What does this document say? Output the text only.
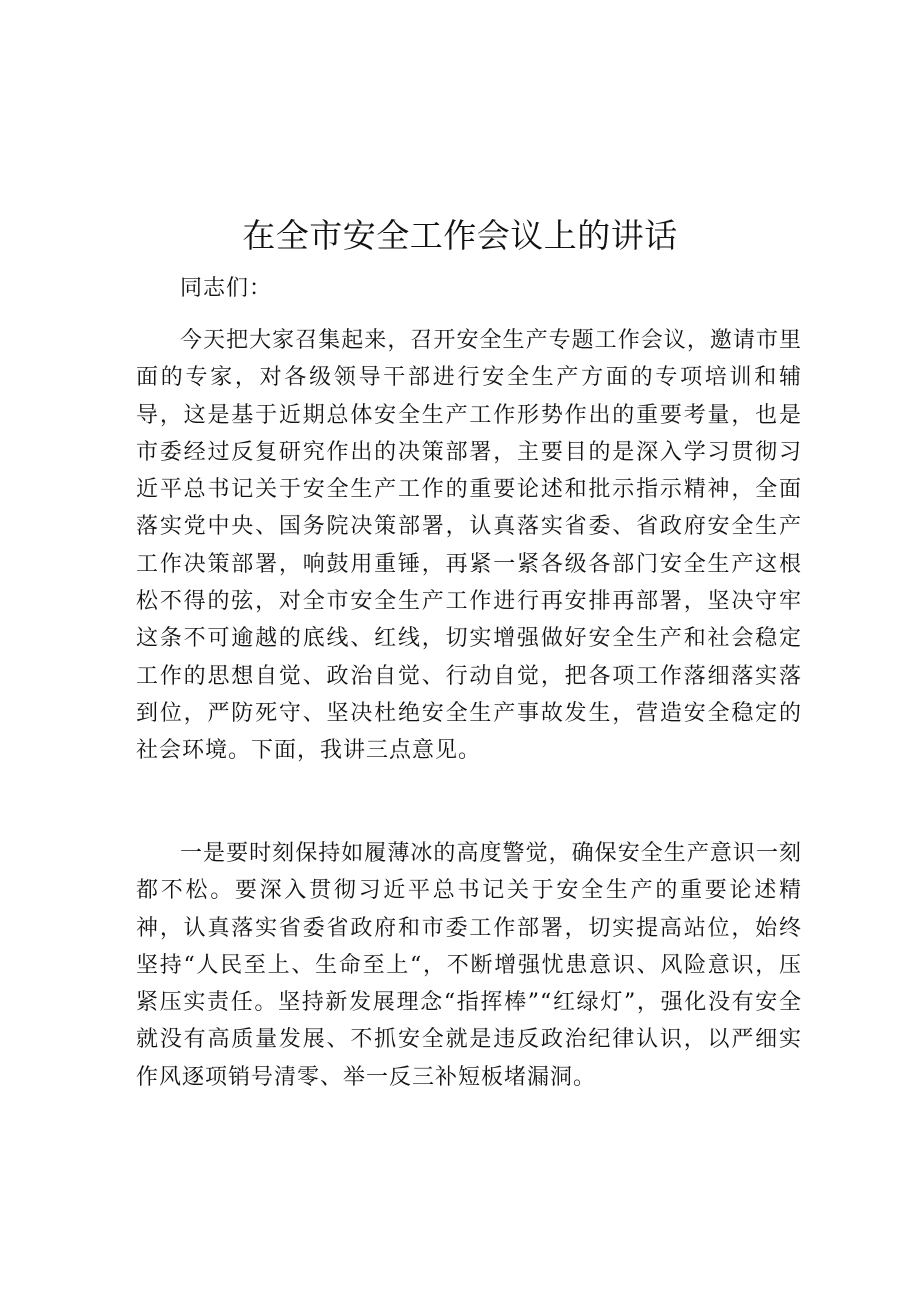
在全市安全工作会议上的讲话

同志们：

今天把大家召集起来，召开安全生产专题工作会议，邀请市里面的专家，对各级领导干部进行安全生产方面的专项培训和辅导，这是基于近期总体安全生产工作形势作出的重要考量，也是市委经过反复研究作出的决策部署，主要目的是深入学习贯彻习近平总书记关于安全生产工作的重要论述和批示指示精神，全面落实党中央、国务院决策部署，认真落实省委、省政府安全生产工作决策部署，响鼓用重锤，再紧一紧各级各部门安全生产这根松不得的弦，对全市安全生产工作进行再安排再部署，坚决守牢这条不可逾越的底线、红线，切实增强做好安全生产和社会稳定工作的思想自觉、政治自觉、行动自觉，把各项工作落细落实落到位，严防死守、坚决杜绝安全生产事故发生，营造安全稳定的社会环境。下面，我讲三点意见。

一是要时刻保持如履薄冰的高度警觉，确保安全生产意识一刻都不松。要深入贯彻习近平总书记关于安全生产的重要论述精神，认真落实省委省政府和市委工作部署，切实提高站位，始终坚持“人民至上、生命至上“，不断增强忧患意识、风险意识，压紧压实责任。坚持新发展理念“指挥棒”“红绿灯”，强化没有安全就没有高质量发展、不抓安全就是违反政治纪律认识，以严细实作风逐项销号清零、举一反三补短板堵漏洞。
